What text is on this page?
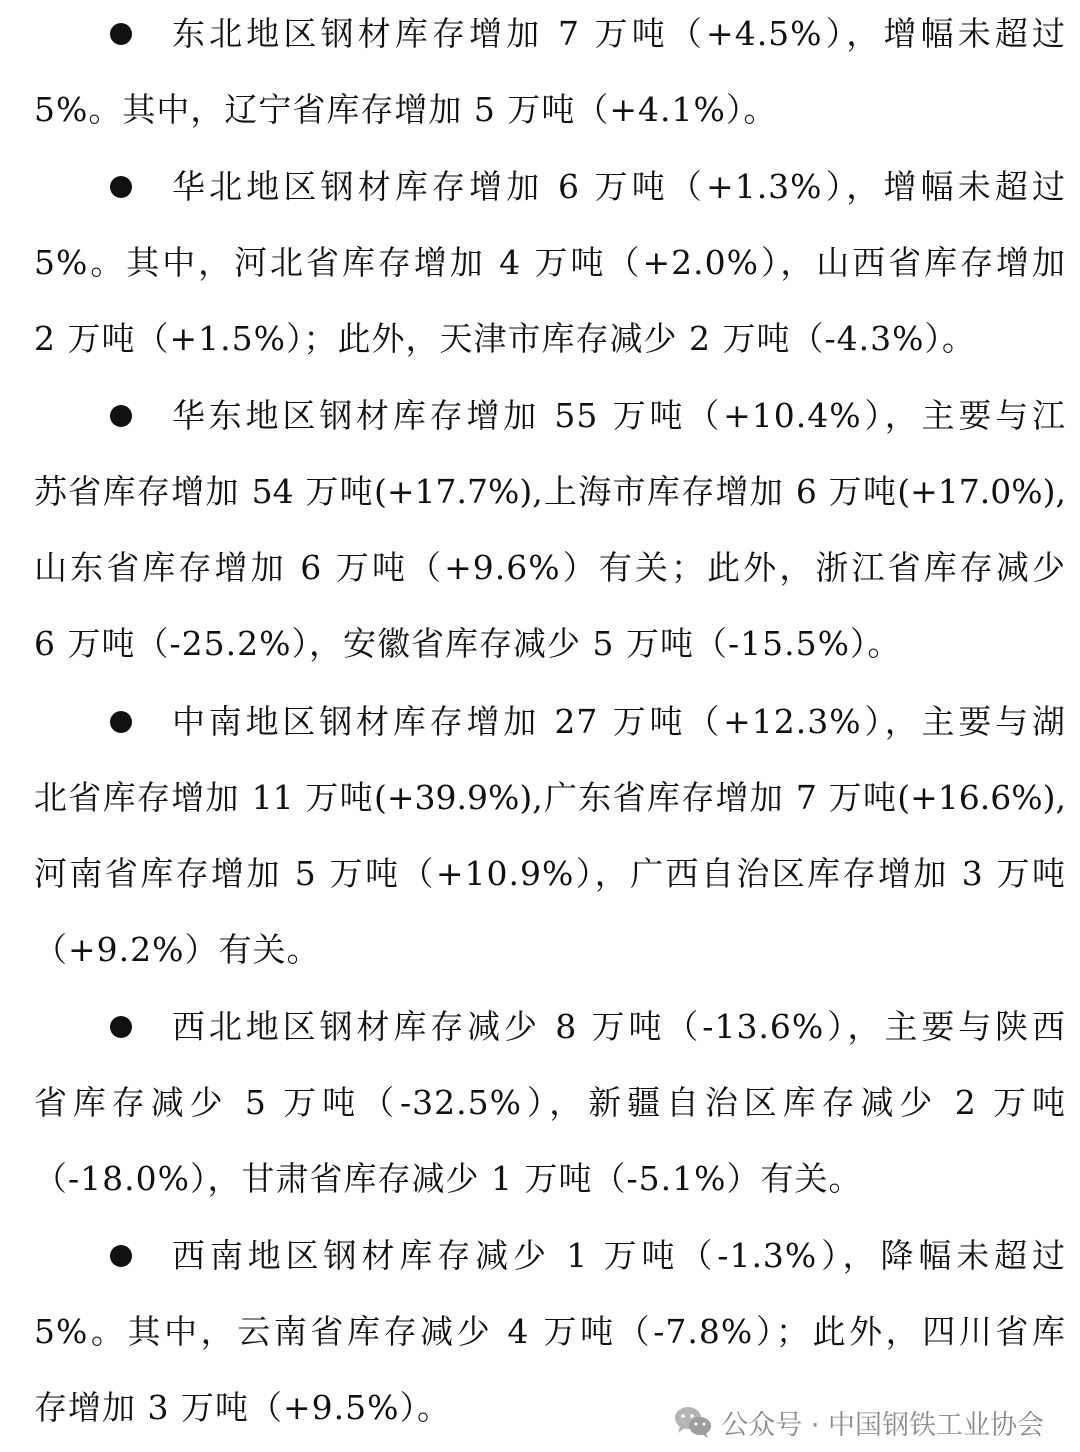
东北地区钢材库存增加 7 万吨（+4.5%），增幅未超过
5%。其中，辽宁省库存增加 5 万吨（+4.1%）。
华北地区钢材库存增加 6 万吨（+1.3%），增幅未超过
5%。其中，河北省库存增加 4 万吨（+2.0%），山西省库存增加
2 万吨（+1.5%）；此外，天津市库存减少 2 万吨（-4.3%）。
华东地区钢材库存增加 55 万吨（+10.4%），主要与江
苏省库存增加 54 万吨(+17.7%),上海市库存增加 6 万吨(+17.0%),
山东省库存增加 6 万吨（+9.6%）有关；此外，浙江省库存减少
6 万吨（-25.2%），安徽省库存减少 5 万吨（-15.5%）。
中南地区钢材库存增加 27 万吨（+12.3%），主要与湖
北省库存增加 11 万吨(+39.9%),广东省库存增加 7 万吨(+16.6%),
河南省库存增加 5 万吨（+10.9%），广西自治区库存增加 3 万吨
（+9.2%）有关。
西北地区钢材库存减少 8 万吨（-13.6%），主要与陕西
省库存减少 5 万吨（-32.5%），新疆自治区库存减少 2 万吨
（-18.0%），甘肃省库存减少 1 万吨（-5.1%）有关。
西南地区钢材库存减少 1 万吨（-1.3%），降幅未超过
5%。其中，云南省库存减少 4 万吨（-7.8%）；此外，四川省库
存增加 3 万吨（+9.5%）。	公众号 · 中国钢铁工业协会
